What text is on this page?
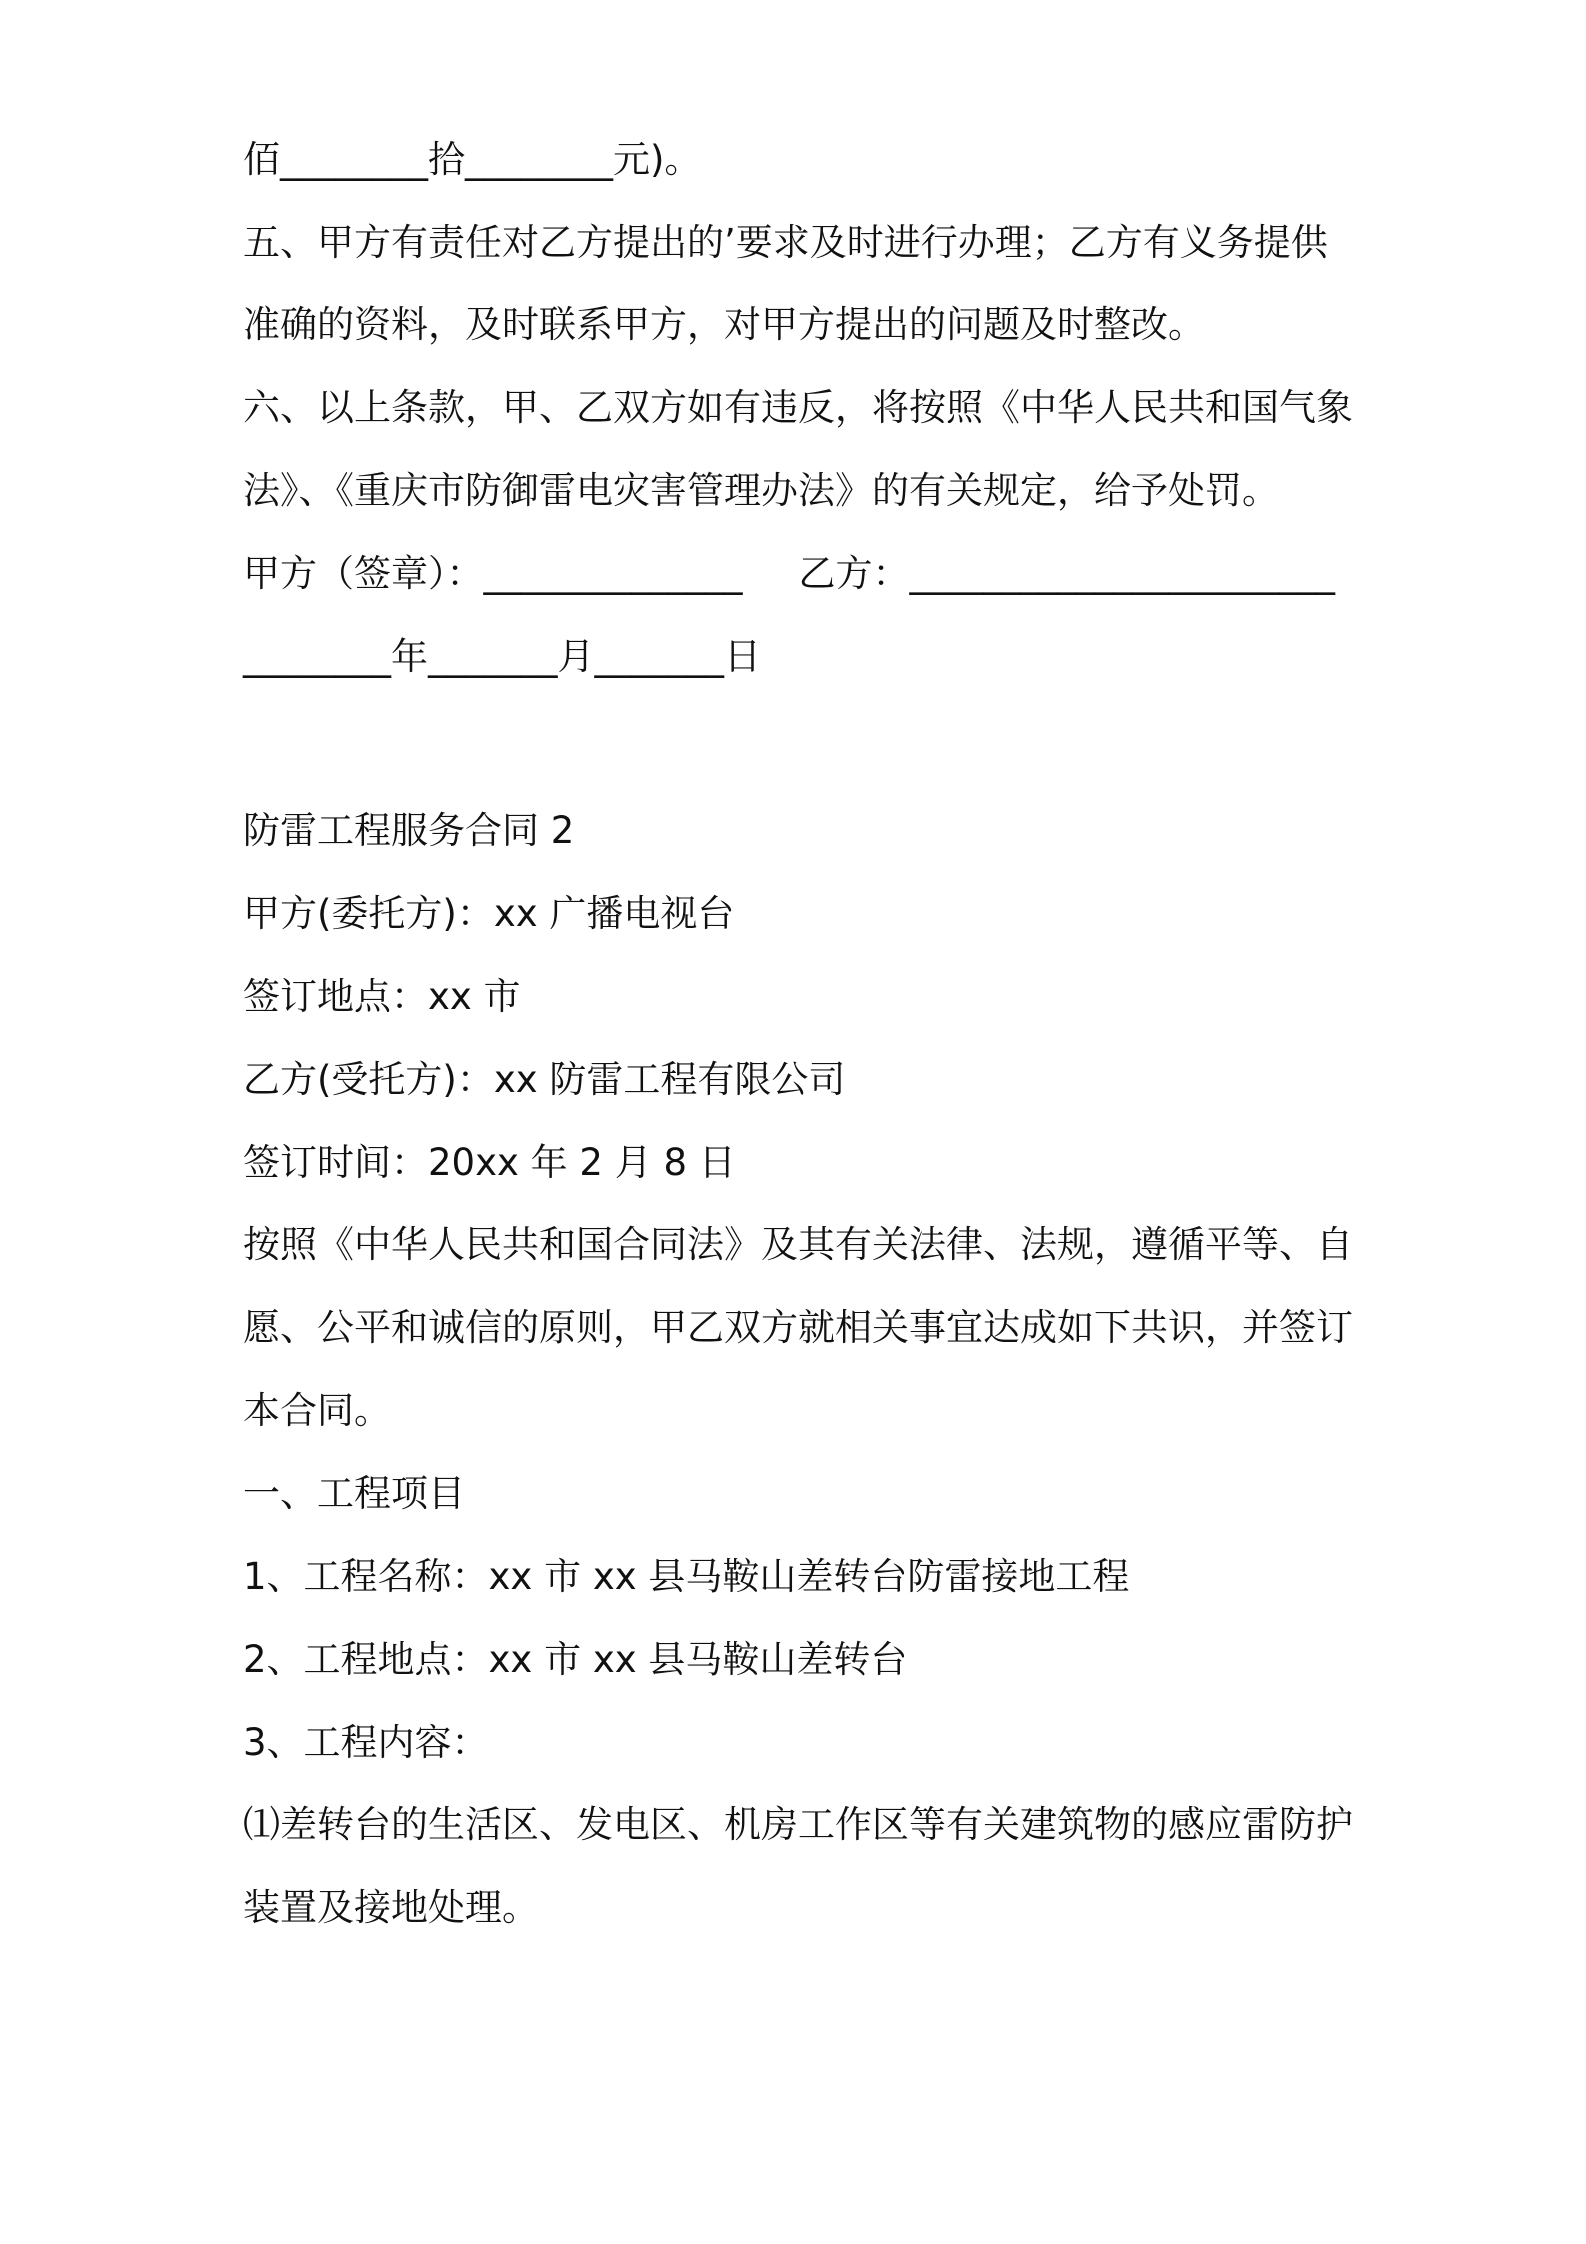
佰________拾________元)。
五、甲方有责任对乙方提出的’要求及时进行办理；乙方有义务提供
准确的资料，及时联系甲方，对甲方提出的问题及时整改。
六、以上条款，甲、乙双方如有违反，将按照《中华人民共和国气象
法》、《重庆市防御雷电灾害管理办法》的有关规定，给予处罚。
甲方（签章）：______________ 乙方：_______________________
________年_______月_______日
防雷工程服务合同 2
甲方(委托方)：xx 广播电视台
签订地点：xx 市
乙方(受托方)：xx 防雷工程有限公司
签订时间：20xx 年 2 月 8 日
按照《中华人民共和国合同法》及其有关法律、法规，遵循平等、自
愿、公平和诚信的原则，甲乙双方就相关事宜达成如下共识，并签订
本合同。
一、工程项目
1、工程名称：xx 市 xx 县马鞍山差转台防雷接地工程
2、工程地点：xx 市 xx 县马鞍山差转台
3、工程内容：
⑴差转台的生活区、发电区、机房工作区等有关建筑物的感应雷防护
装置及接地处理。
